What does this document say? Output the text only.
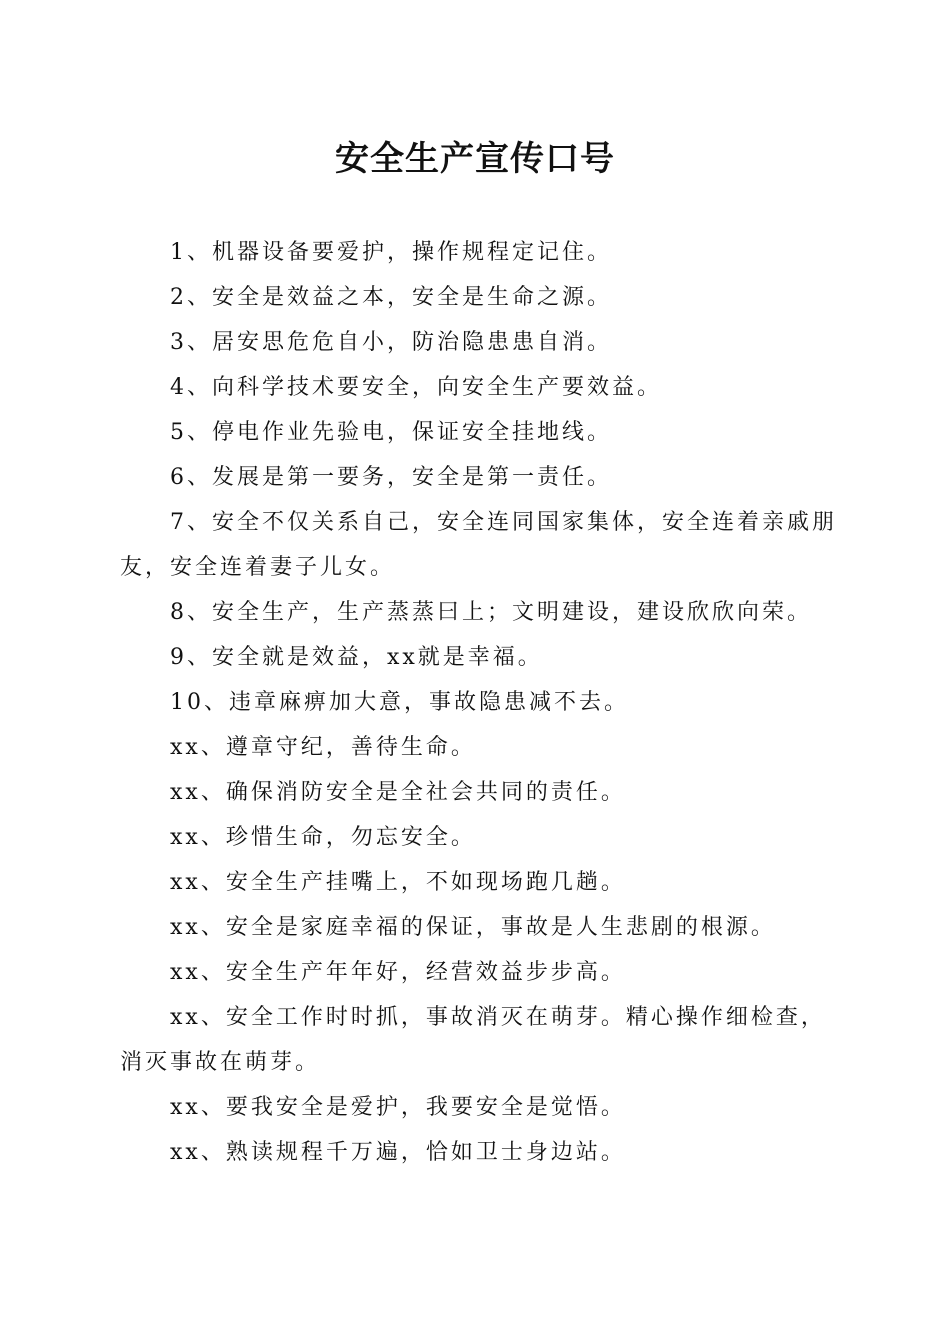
安全生产宣传口号

1、机器设备要爱护，操作规程定记住。

2、安全是效益之本，安全是生命之源。

3、居安思危危自小，防治隐患患自消。

4、向科学技术要安全，向安全生产要效益。

5、停电作业先验电，保证安全挂地线。

6、发展是第一要务，安全是第一责任。

7、安全不仅关系自己，安全连同国家集体，安全连着亲戚朋友，安全连着妻子儿女。

8、安全生产，生产蒸蒸曰上；文明建设，建设欣欣向荣。

9、安全就是效益，xx就是幸福。

10、违章麻痹加大意，事故隐患减不去。

xx、遵章守纪，善待生命。

xx、确保消防安全是全社会共同的责任。

xx、珍惜生命，勿忘安全。

xx、安全生产挂嘴上，不如现场跑几趟。

xx、安全是家庭幸福的保证，事故是人生悲剧的根源。

xx、安全生产年年好，经营效益步步高。

xx、安全工作时时抓，事故消灭在萌芽。精心操作细检查，消灭事故在萌芽。

xx、要我安全是爱护，我要安全是觉悟。

xx、熟读规程千万遍，恰如卫士身边站。
